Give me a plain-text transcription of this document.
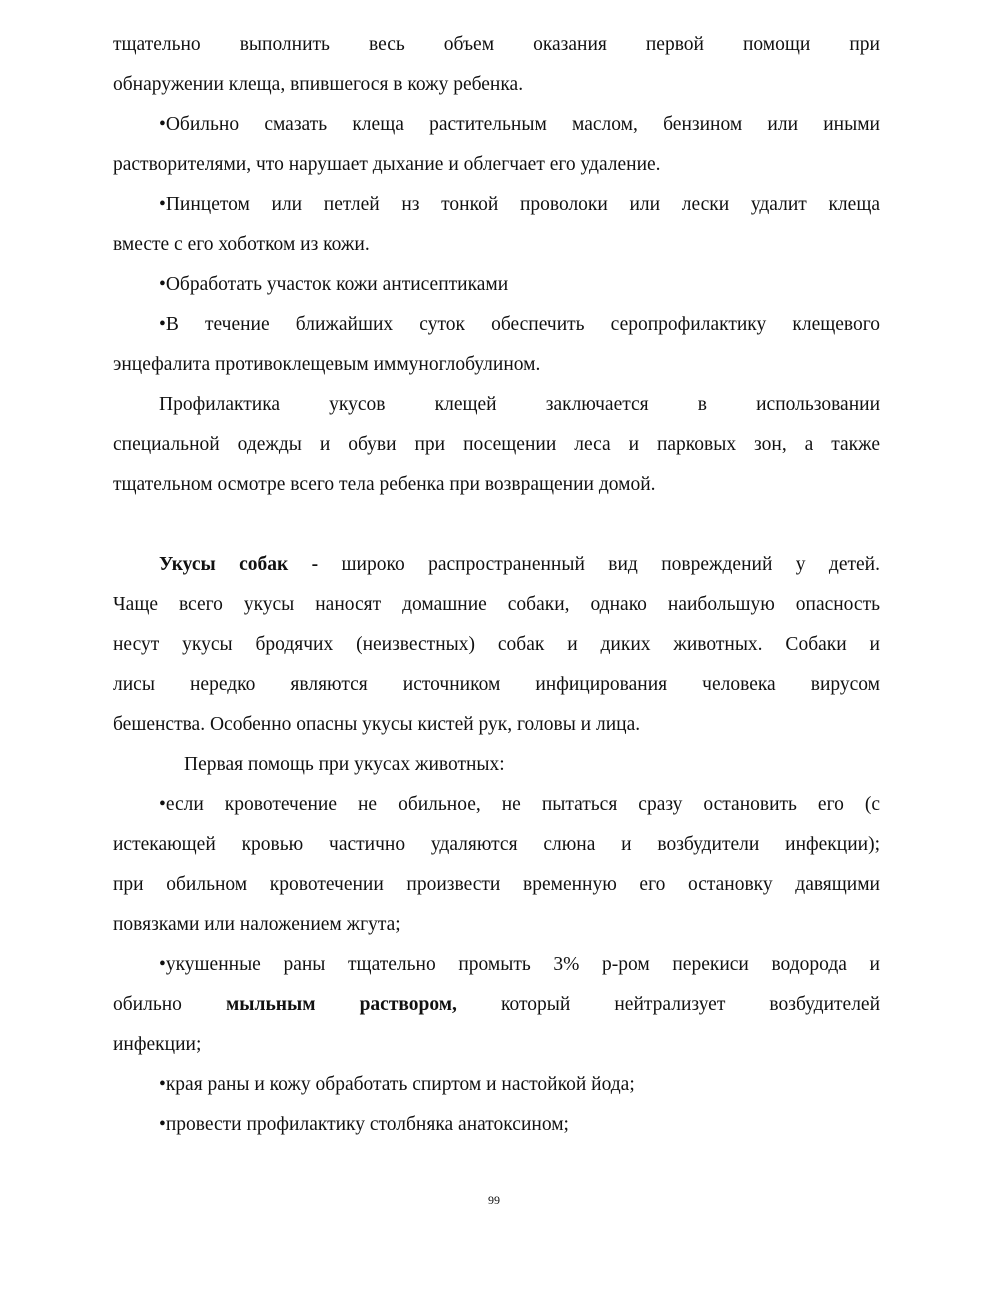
тщательно выполнить весь объем оказания первой помощи при
обнаружении клеща, впившегося в кожу ребенка.
•Обильно смазать клеща растительным маслом, бензином или иными
растворителями, что нарушает дыхание и облегчает его удаление.
•Пинцетом или петлей нз тонкой проволоки или лески удалит клеща
вместе с его хоботком из кожи.
•Обработать участок кожи антисептиками
•В течение ближайших суток обеспечить серопрофилактику клещевого
энцефалита противоклещевым иммуноглобулином.
Профилактика укусов клещей заключается в использовании
специальной одежды и обуви при посещении леса и парковых зон, а также
тщательном осмотре всего тела ребенка при возвращении домой.
Укусы собак - широко распространенный вид повреждений у детей.
Чаще всего укусы наносят домашние собаки, однако наибольшую опасность
несут укусы бродячих (неизвестных) собак и диких животных. Собаки и
лисы нередко являются источником инфицирования человека вирусом
бешенства. Особенно опасны укусы кистей рук, головы и лица.
Первая помощь при укусах животных:
•если кровотечение не обильное, не пытаться сразу остановить его (с
истекающей кровью частично удаляются слюна и возбудители инфекции);
при обильном кровотечении произвести временную его остановку давящими
повязками или наложением жгута;
•укушенные раны тщательно промыть 3% р-ром перекиси водорода и
обильно мыльным раствором, который нейтрализует возбудителей
инфекции;
•края раны и кожу обработать спиртом и настойкой йода;
•провести профилактику столбняка анатоксином;
99
